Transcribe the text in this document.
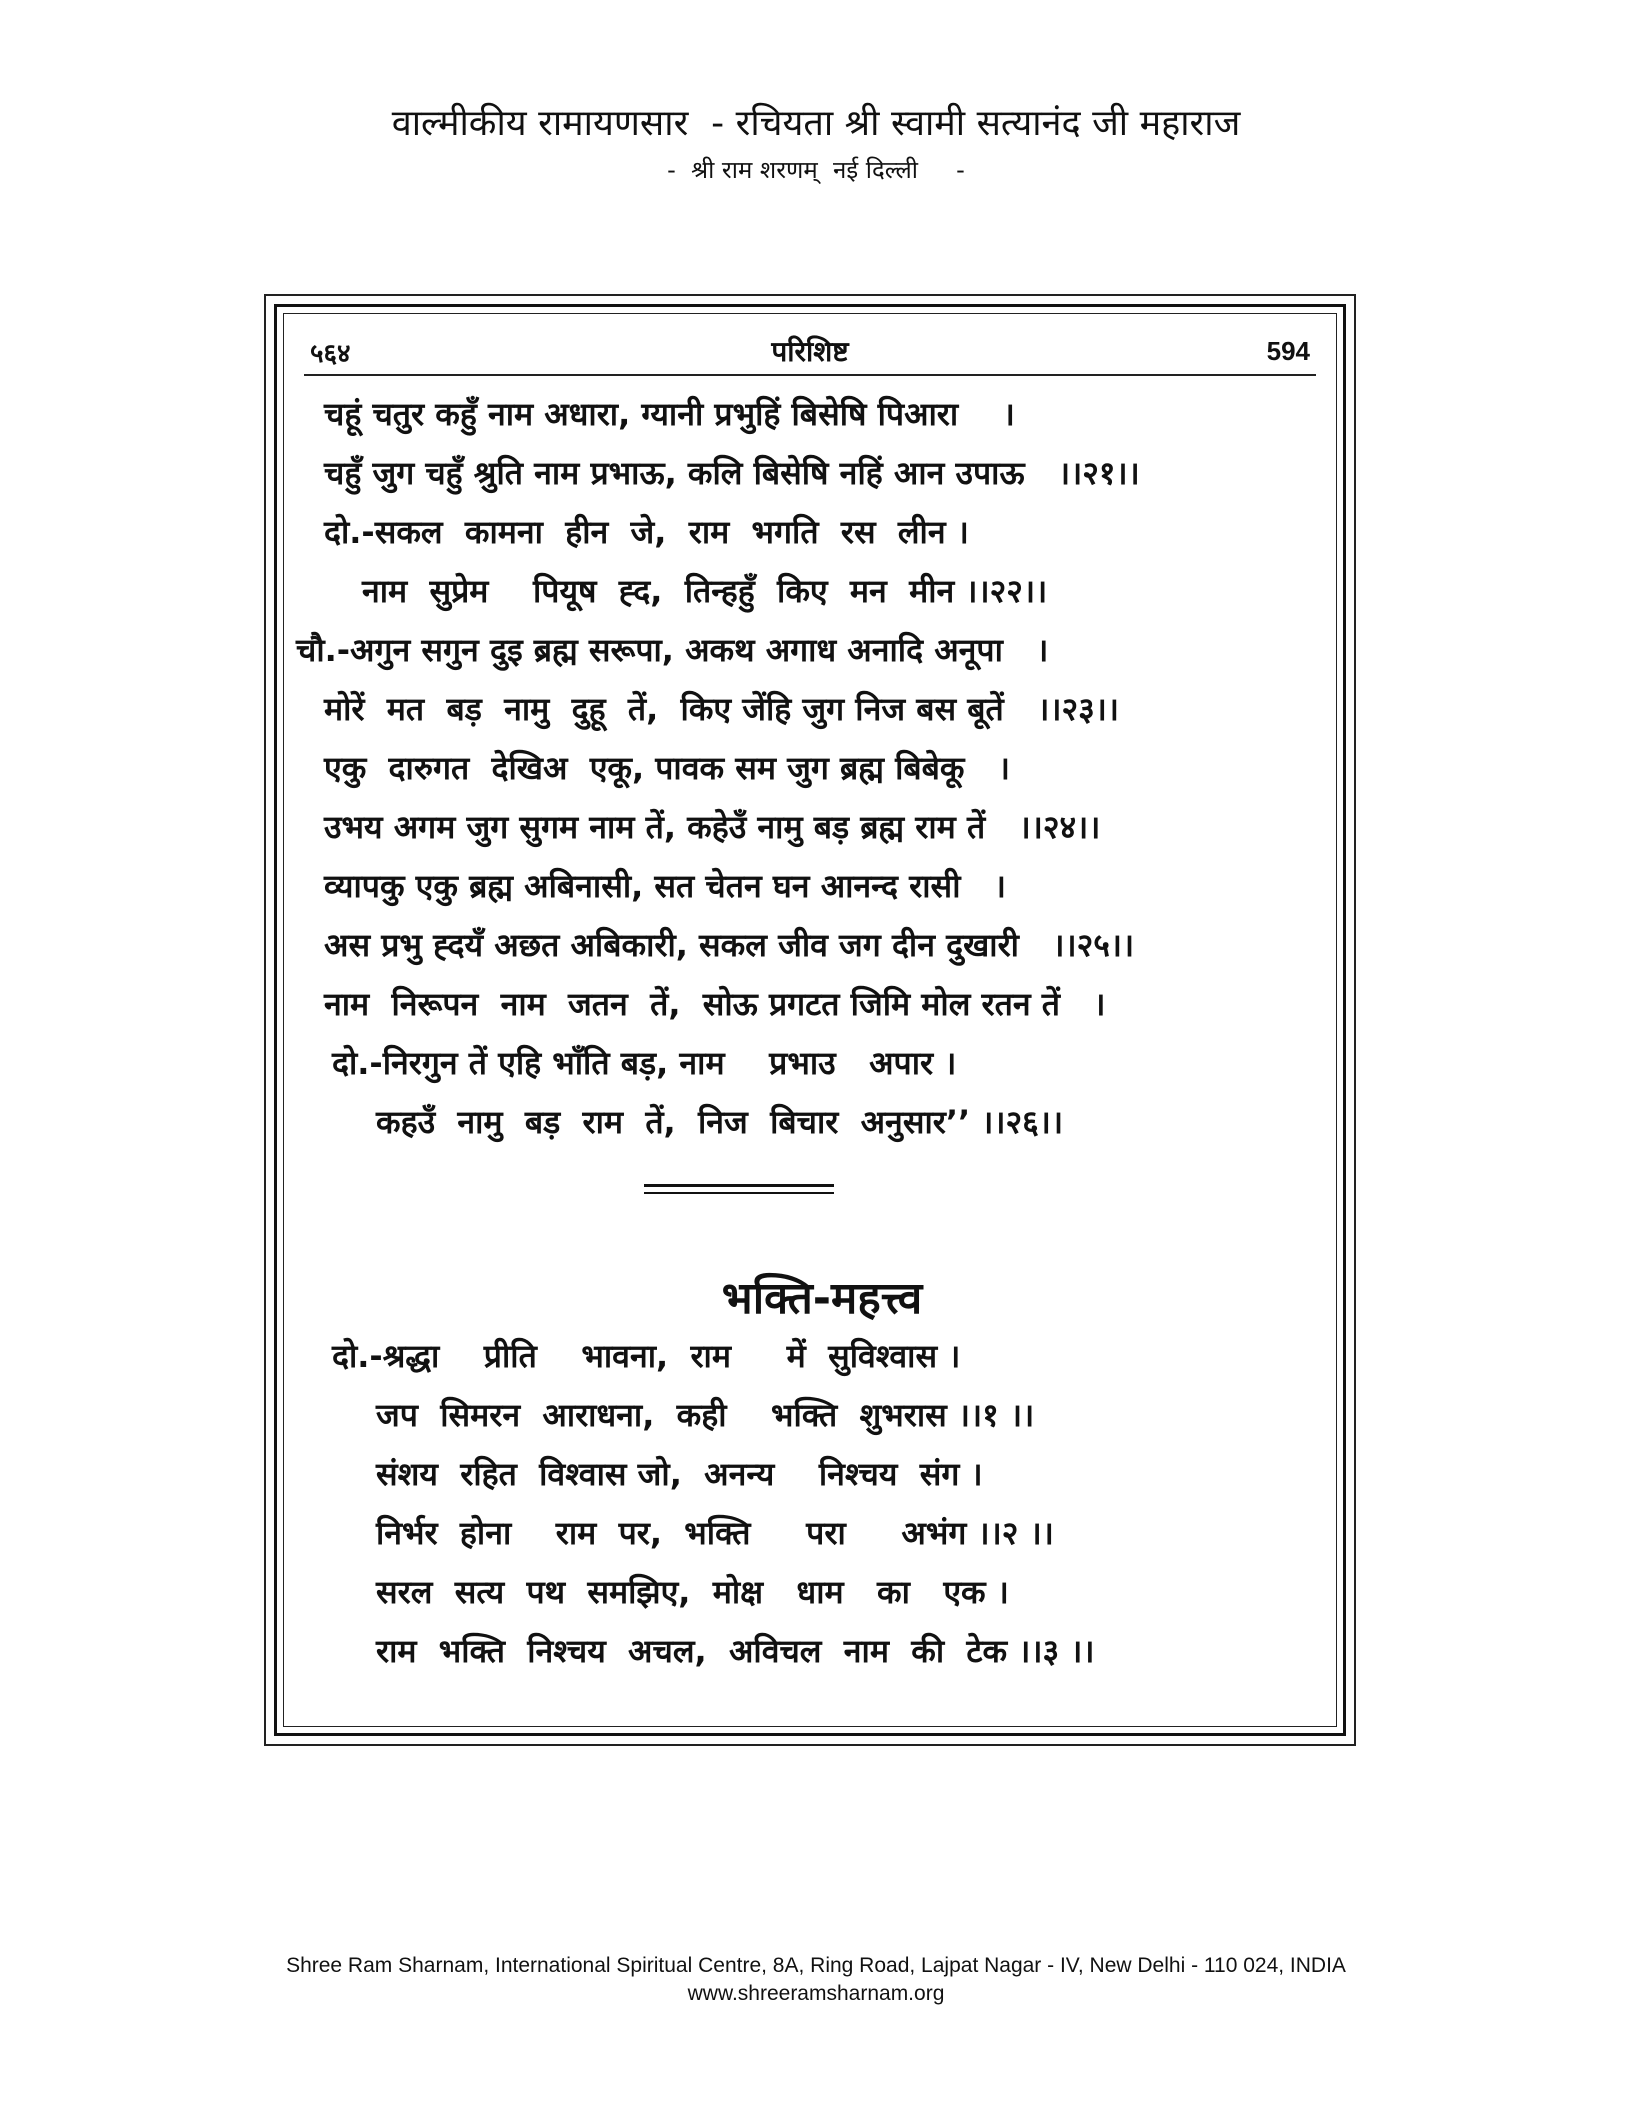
वाल्मीकीय रामायणसार  - रचियता श्री स्वामी सत्यानंद जी महाराज
-  श्री राम शरणम्  नई दिल्ली     -
५६४	परिशिष्ट	594
चहूं चतुर कहुँ नाम अधारा, ग्यानी प्रभुहिं बिसेषि पिआरा    ।
चहुँ जुग चहुँ श्रुति नाम प्रभाऊ, कलि बिसेषि नहिं आन उपाऊ   ।।२१।।
दो.-सकल  कामना  हीन  जे,  राम  भगति  रस  लीन ।
नाम  सुप्रेम    पियूष  ह्द,  तिन्हहुँ  किए  मन  मीन ।।२२।।
चौ.-अगुन सगुन दुइ ब्रह्म सरूपा, अकथ अगाध अनादि अनूपा   ।
मोरें  मत  बड़  नामु  दुहू  तें,  किए जेंहि जुग निज बस बूतें   ।।२३।।
एकु  दारुगत  देखिअ  एकू, पावक सम जुग ब्रह्म बिबेकू   ।
उभय अगम जुग सुगम नाम तें, कहेउँ नामु बड़ ब्रह्म राम तें   ।।२४।।
व्यापकु एकु ब्रह्म अबिनासी, सत चेतन घन आनन्द रासी   ।
अस प्रभु ह्दयँ अछत अबिकारी, सकल जीव जग दीन दुखारी   ।।२५।।
नाम  निरूपन  नाम  जतन  तें,  सोऊ प्रगटत जिमि मोल रतन तें   ।
दो.-निरगुन तें एहि भाँति बड़, नाम    प्रभाउ   अपार ।
कहउँ  नामु  बड़  राम  तें,  निज  बिचार  अनुसार’’ ।।२६।।
भक्ति-महत्त्व
दो.-श्रद्धा    प्रीति    भावना,  राम     में  सुविश्वास ।
जप  सिमरन  आराधना,  कही    भक्ति  शुभरास ।।१ ।।
संशय  रहित  विश्वास जो,  अनन्य    निश्चय  संग ।
निर्भर  होना    राम  पर,  भक्ति     परा     अभंग ।।२ ।।
सरल  सत्य  पथ  समझिए,  मोक्ष   धाम   का   एक ।
राम  भक्ति  निश्चय  अचल,  अविचल  नाम  की  टेक ।।३ ।।
Shree Ram Sharnam, International Spiritual Centre, 8A, Ring Road, Lajpat Nagar - IV, New Delhi - 110 024, INDIA
www.shreeramsharnam.org
